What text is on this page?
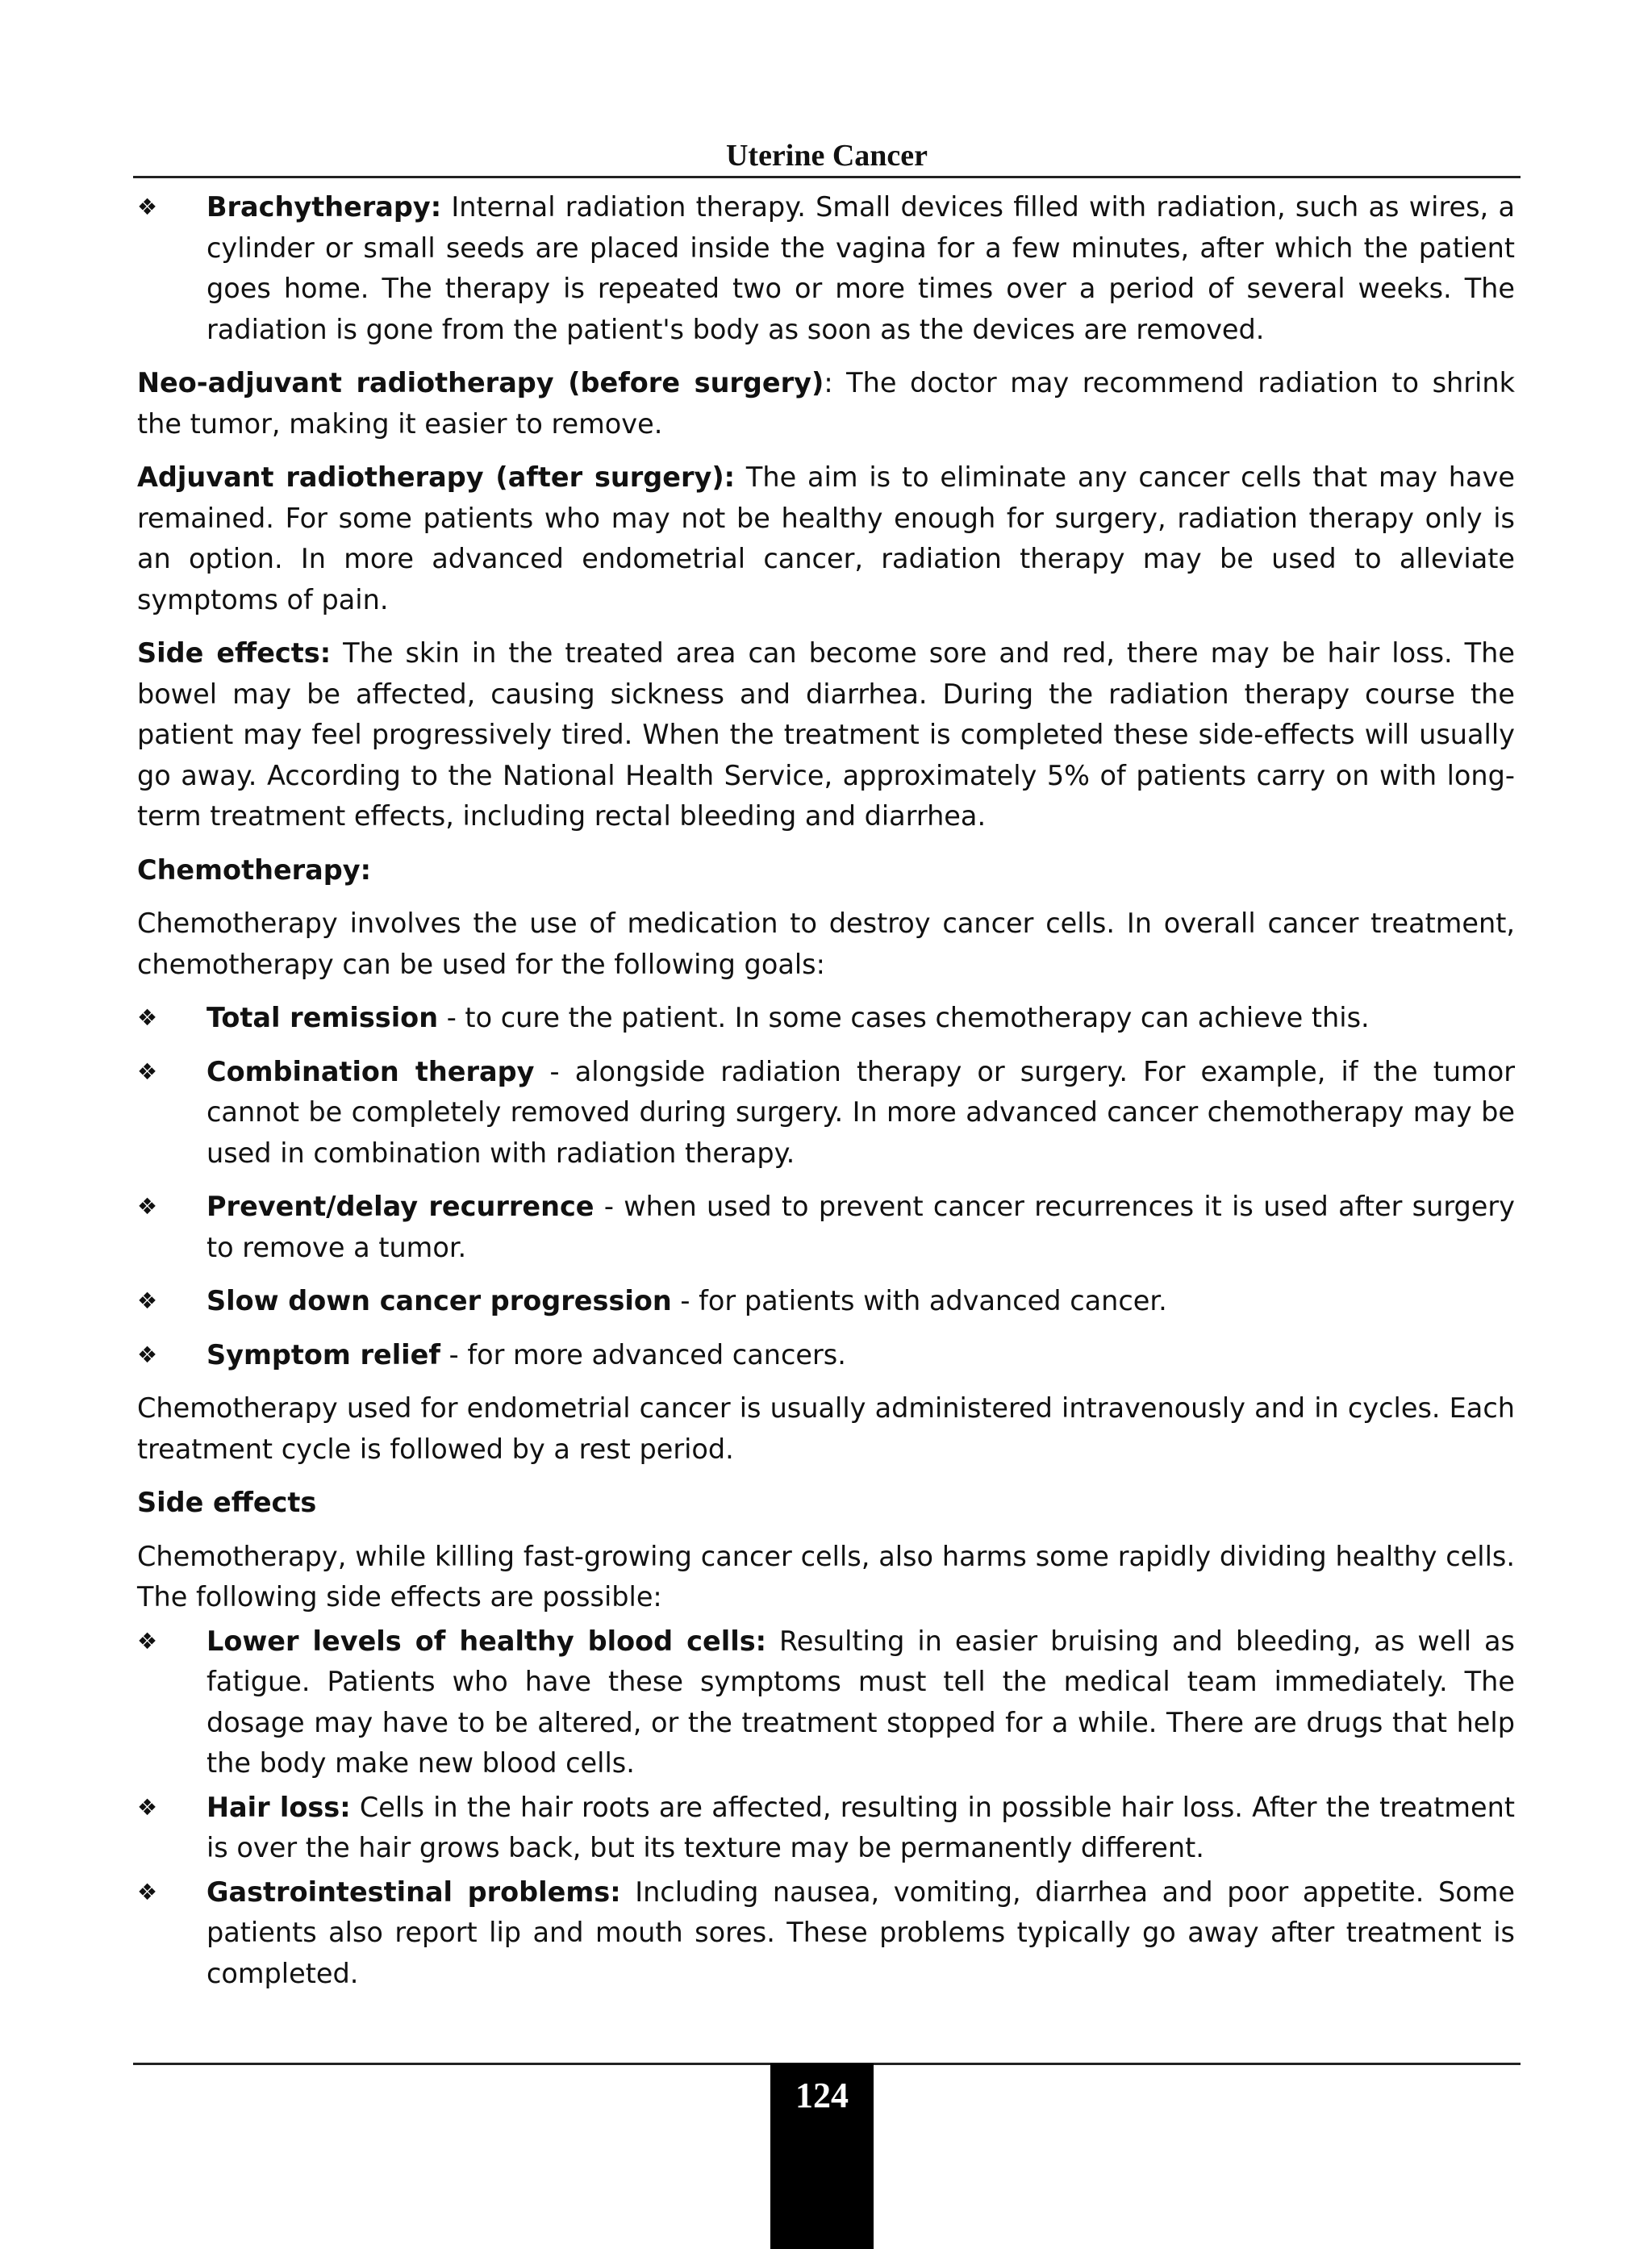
Uterine Cancer
❖	Brachytherapy: Internal radiation therapy. Small devices filled with radiation, such as wires, a cylinder or small seeds are placed inside the vagina for a few minutes, after which the patient goes home. The therapy is repeated two or more times over a period of several weeks. The radiation is gone from the patient's body as soon as the devices are removed.

Neo-adjuvant radiotherapy (before surgery): The doctor may recommend radiation to shrink the tumor, making it easier to remove.

Adjuvant radiotherapy (after surgery): The aim is to eliminate any cancer cells that may have remained. For some patients who may not be healthy enough for surgery, radiation therapy only is an option. In more advanced endometrial cancer, radiation therapy may be used to alleviate symptoms of pain.

Side effects: The skin in the treated area can become sore and red, there may be hair loss. The bowel may be affected, causing sickness and diarrhea. During the radiation therapy course the patient may feel progressively tired. When the treatment is completed these side-effects will usually go away. According to the National Health Service, approximately 5% of patients carry on with long-term treatment effects, including rectal bleeding and diarrhea.

Chemotherapy:

Chemotherapy involves the use of medication to destroy cancer cells. In overall cancer treatment, chemotherapy can be used for the following goals:

❖	Total remission - to cure the patient. In some cases chemotherapy can achieve this.
❖	Combination therapy - alongside radiation therapy or surgery. For example, if the tumor cannot be completely removed during surgery. In more advanced cancer chemotherapy may be used in combination with radiation therapy.
❖	Prevent/delay recurrence - when used to prevent cancer recurrences it is used after surgery to remove a tumor.
❖	Slow down cancer progression - for patients with advanced cancer.
❖	Symptom relief - for more advanced cancers.

Chemotherapy used for endometrial cancer is usually administered intravenously and in cycles. Each treatment cycle is followed by a rest period.

Side effects

Chemotherapy, while killing fast-growing cancer cells, also harms some rapidly dividing healthy cells. The following side effects are possible:

❖	Lower levels of healthy blood cells: Resulting in easier bruising and bleeding, as well as fatigue. Patients who have these symptoms must tell the medical team immediately. The dosage may have to be altered, or the treatment stopped for a while. There are drugs that help the body make new blood cells.
❖	Hair loss: Cells in the hair roots are affected, resulting in possible hair loss. After the treatment is over the hair grows back, but its texture may be permanently different.
❖	Gastrointestinal problems: Including nausea, vomiting, diarrhea and poor appetite. Some patients also report lip and mouth sores. These problems typically go away after treatment is completed.
124
